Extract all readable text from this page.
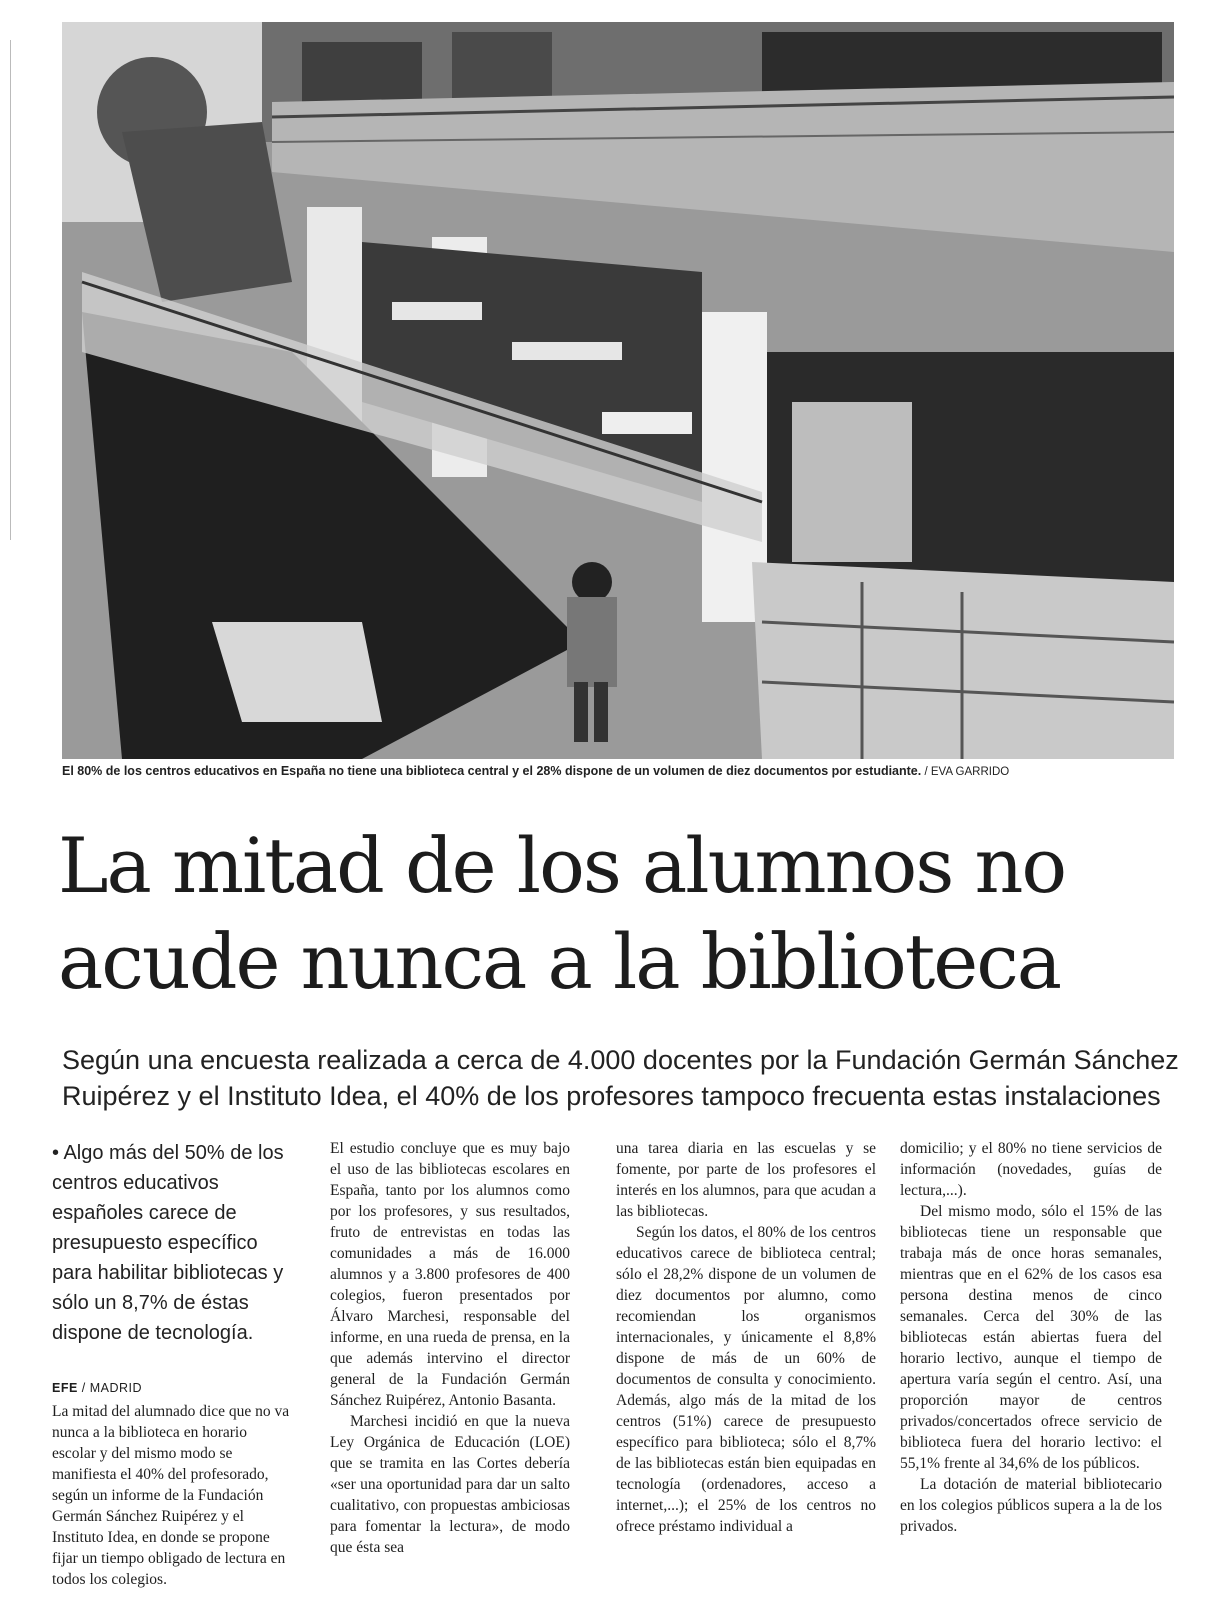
El 80% de los centros educativos en España no tiene una biblioteca central y el 28% dispone de un volumen de diez documentos por estudiante. / EVA GARRIDO
La mitad de los alumnos no
acude nunca a la biblioteca

Según una encuesta realizada a cerca de 4.000 docentes por la Fundación Germán Sánchez Ruipérez y el Instituto Idea, el 40% de los profesores tampoco frecuenta estas instalaciones

• Algo más del 50% de los centros educativos españoles carece de presupuesto específico para habilitar bibliotecas y sólo un 8,7% de éstas dispone de tecnología.

EFE / MADRID

La mitad del alumnado dice que no va nunca a la biblioteca en horario escolar y del mismo modo se manifiesta el 40% del profesorado, según un informe de la Fundación Germán Sánchez Ruipérez y el Instituto Idea, en donde se propone fijar un tiempo obligado de lectura en todos los colegios.

El estudio concluye que es muy bajo el uso de las bibliotecas escolares en España, tanto por los alumnos como por los profesores, y sus resultados, fruto de entrevistas en todas las comunidades a más de 16.000 alumnos y a 3.800 profesores de 400 colegios, fueron presentados por Álvaro Marchesi, responsable del informe, en una rueda de prensa, en la que además intervino el director general de la Fundación Germán Sánchez Ruipérez, Antonio Basanta.

Marchesi incidió en que la nueva Ley Orgánica de Educación (LOE) que se tramita en las Cortes debería «ser una oportunidad para dar un salto cualitativo, con propuestas ambiciosas para fomentar la lectura», de modo que ésta sea

una tarea diaria en las escuelas y se fomente, por parte de los profesores el interés en los alumnos, para que acudan a las bibliotecas.

Según los datos, el 80% de los centros educativos carece de biblioteca central; sólo el 28,2% dispone de un volumen de diez documentos por alumno, como recomiendan los organismos internacionales, y únicamente el 8,8% dispone de más de un 60% de documentos de consulta y conocimiento. Además, algo más de la mitad de los centros (51%) carece de presupuesto específico para biblioteca; sólo el 8,7% de las bibliotecas están bien equipadas en tecnología (ordenadores, acceso a internet,...); el 25% de los centros no ofrece préstamo individual a

domicilio; y el 80% no tiene servicios de información (novedades, guías de lectura,...).

Del mismo modo, sólo el 15% de las bibliotecas tiene un responsable que trabaja más de once horas semanales, mientras que en el 62% de los casos esa persona destina menos de cinco semanales. Cerca del 30% de las bibliotecas están abiertas fuera del horario lectivo, aunque el tiempo de apertura varía según el centro. Así, una proporción mayor de centros privados/concertados ofrece servicio de biblioteca fuera del horario lectivo: el 55,1% frente al 34,6% de los públicos.

La dotación de material bibliotecario en los colegios públicos supera a la de los privados.
